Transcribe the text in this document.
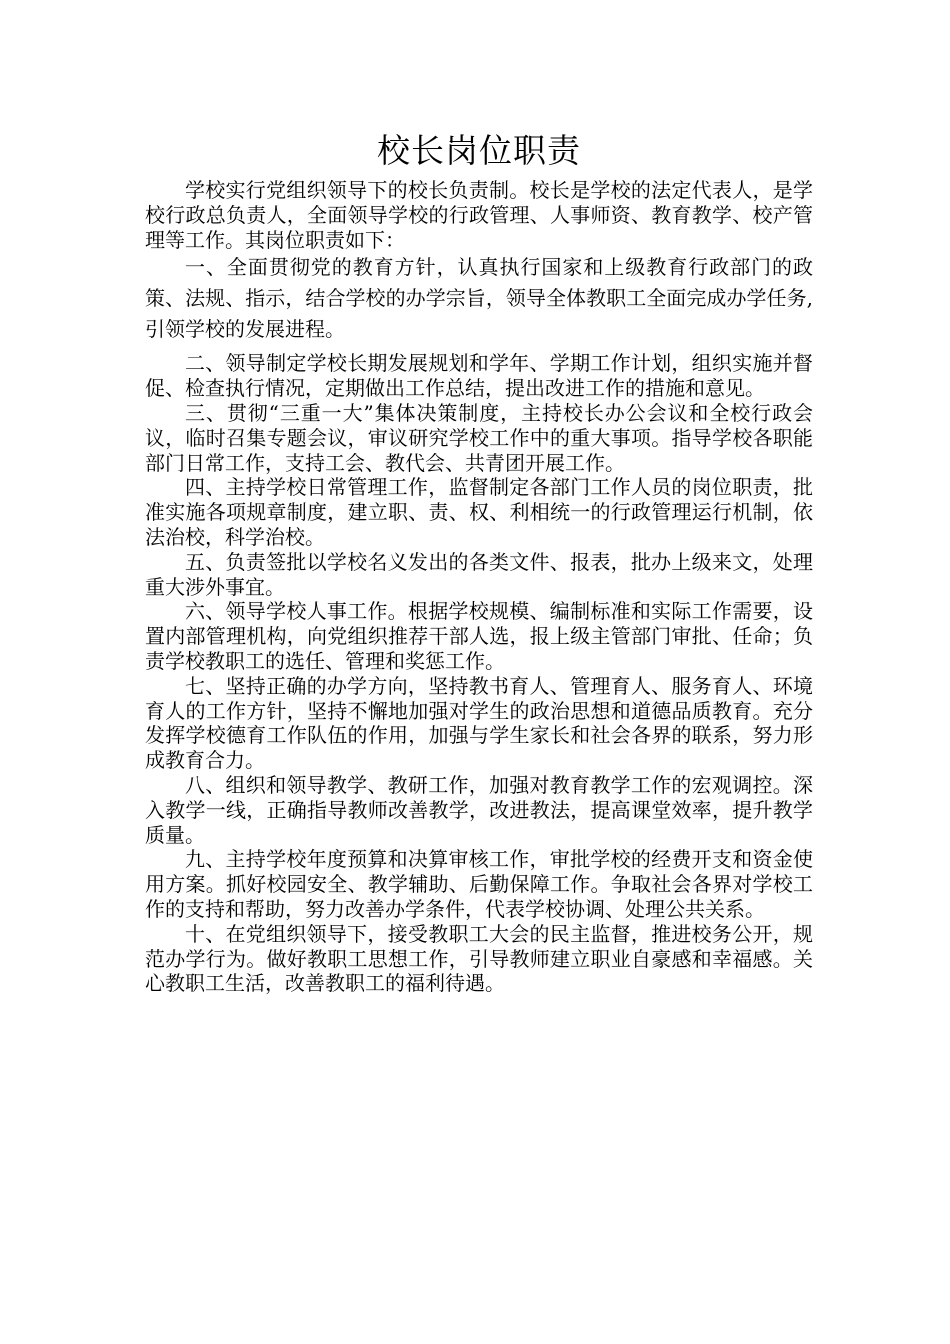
校长岗位职责

学校实行党组织领导下的校长负责制。校长是学校的法定代表人，是学校行政总负责人，全面领导学校的行政管理、人事师资、教育教学、校产管理等工作。其岗位职责如下：

一、全面贯彻党的教育方针，认真执行国家和上级教育行政部门的政策、法规、指示，结合学校的办学宗旨，领导全体教职工全面完成办学任务,引领学校的发展进程。

二、领导制定学校长期发展规划和学年、学期工作计划，组织实施并督促、检查执行情况，定期做出工作总结，提出改进工作的措施和意见。

三、贯彻“三重一大”集体决策制度，主持校长办公会议和全校行政会议，临时召集专题会议，审议研究学校工作中的重大事项。指导学校各职能部门日常工作，支持工会、教代会、共青团开展工作。

四、主持学校日常管理工作，监督制定各部门工作人员的岗位职责，批准实施各项规章制度，建立职、责、权、利相统一的行政管理运行机制，依法治校，科学治校。

五、负责签批以学校名义发出的各类文件、报表，批办上级来文，处理重大涉外事宜。

六、领导学校人事工作。根据学校规模、编制标准和实际工作需要，设置内部管理机构，向党组织推荐干部人选，报上级主管部门审批、任命；负责学校教职工的选任、管理和奖惩工作。

七、坚持正确的办学方向，坚持教书育人、管理育人、服务育人、环境育人的工作方针，坚持不懈地加强对学生的政治思想和道德品质教育。充分发挥学校德育工作队伍的作用，加强与学生家长和社会各界的联系，努力形成教育合力。

八、组织和领导教学、教研工作，加强对教育教学工作的宏观调控。深入教学一线，正确指导教师改善教学，改进教法，提高课堂效率，提升教学质量。

九、主持学校年度预算和决算审核工作，审批学校的经费开支和资金使用方案。抓好校园安全、教学辅助、后勤保障工作。争取社会各界对学校工作的支持和帮助，努力改善办学条件，代表学校协调、处理公共关系。

十、在党组织领导下，接受教职工大会的民主监督，推进校务公开，规范办学行为。做好教职工思想工作，引导教师建立职业自豪感和幸福感。关心教职工生活，改善教职工的福利待遇。
